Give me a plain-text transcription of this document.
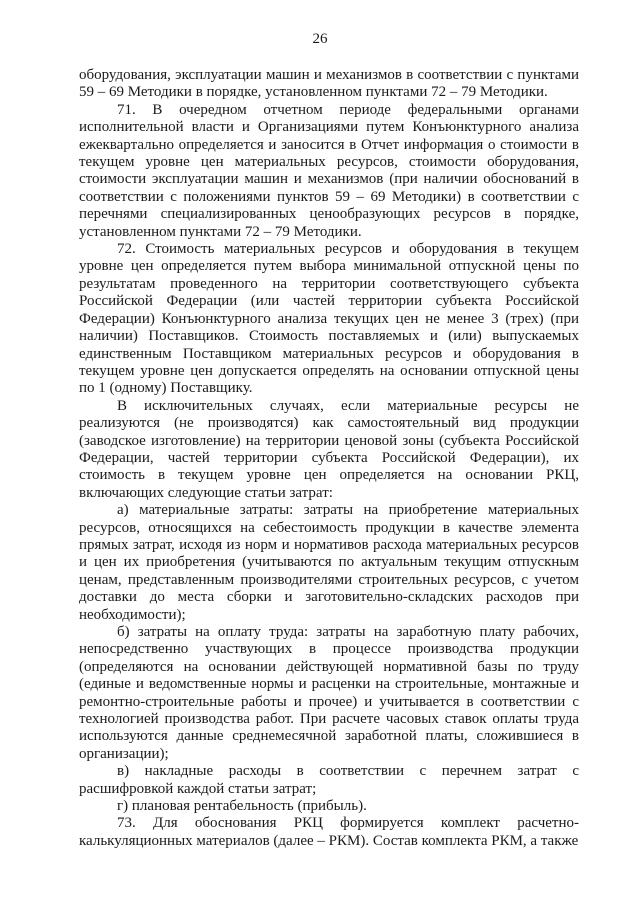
26

оборудования, эксплуатации машин и механизмов в соответствии с пунктами 59 – 69 Методики в порядке, установленном пунктами 72 – 79 Методики.

71. В очередном отчетном периоде федеральными органами исполнительной власти и Организациями путем Конъюнктурного анализа ежеквартально определяется и заносится в Отчет информация о стоимости в текущем уровне цен материальных ресурсов, стоимости оборудования, стоимости эксплуатации машин и механизмов (при наличии обоснований в соответствии с положениями пунктов 59 – 69 Методики) в соответствии с перечнями специализированных ценообразующих ресурсов в порядке, установленном пунктами 72 – 79 Методики.

72. Стоимость материальных ресурсов и оборудования в текущем уровне цен определяется путем выбора минимальной отпускной цены по результатам проведенного на территории соответствующего субъекта Российской Федерации (или частей территории субъекта Российской Федерации) Конъюнктурного анализа текущих цен не менее 3 (трех) (при наличии) Поставщиков. Стоимость поставляемых и (или) выпускаемых единственным Поставщиком материальных ресурсов и оборудования в текущем уровне цен допускается определять на основании отпускной цены по 1 (одному) Поставщику.

В исключительных случаях, если материальные ресурсы не реализуются (не производятся) как самостоятельный вид продукции (заводское изготовление) на территории ценовой зоны (субъекта Российской Федерации, частей территории субъекта Российской Федерации), их стоимость в текущем уровне цен определяется на основании РКЦ, включающих следующие статьи затрат:

а) материальные затраты: затраты на приобретение материальных ресурсов, относящихся на себестоимость продукции в качестве элемента прямых затрат, исходя из норм и нормативов расхода материальных ресурсов и цен их приобретения (учитываются по актуальным текущим отпускным ценам, представленным производителями строительных ресурсов, с учетом доставки до места сборки и заготовительно-складских расходов при необходимости);

б) затраты на оплату труда: затраты на заработную плату рабочих, непосредственно участвующих в процессе производства продукции (определяются на основании действующей нормативной базы по труду (единые и ведомственные нормы и расценки на строительные, монтажные и ремонтно-строительные работы и прочее) и учитывается в соответствии с технологией производства работ. При расчете часовых ставок оплаты труда используются данные среднемесячной заработной платы, сложившиеся в организации);

в) накладные расходы в соответствии с перечнем затрат с расшифровкой каждой статьи затрат;

г) плановая рентабельность (прибыль).

73. Для обоснования РКЦ формируется комплект расчетно-калькуляционных материалов (далее – РКМ). Состав комплекта РКМ, а также
